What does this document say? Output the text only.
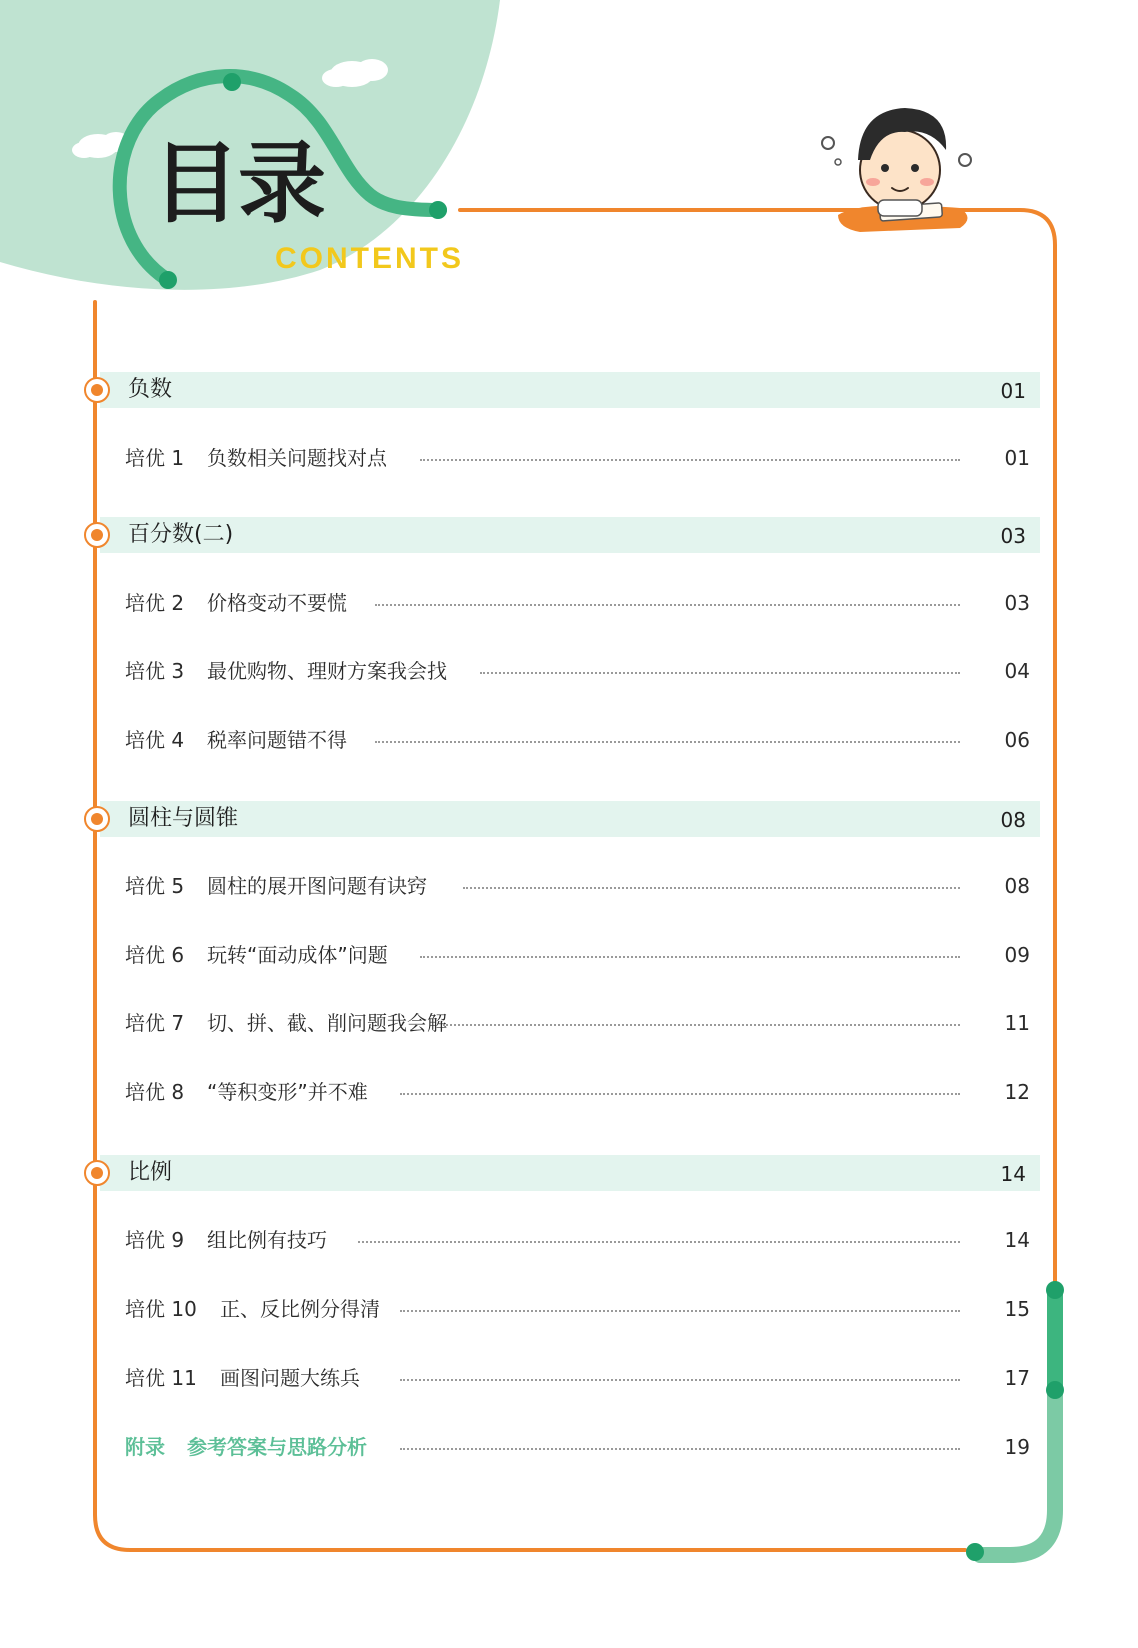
目录
CONTENTS
负数	01
培优 1 负数相关问题找对点	01
百分数(二)	03
培优 2 价格变动不要慌	03
培优 3 最优购物、理财方案我会找	04
培优 4 税率问题错不得	06
圆柱与圆锥	08
培优 5 圆柱的展开图问题有诀窍	08
培优 6 玩转“面动成体”问题	09
培优 7 切、拼、截、削问题我会解	11
培优 8 “等积变形”并不难	12
比例	14
培优 9 组比例有技巧	14
培优 10 正、反比例分得清	15
培优 11 画图问题大练兵	17
附录 参考答案与思路分析	19
